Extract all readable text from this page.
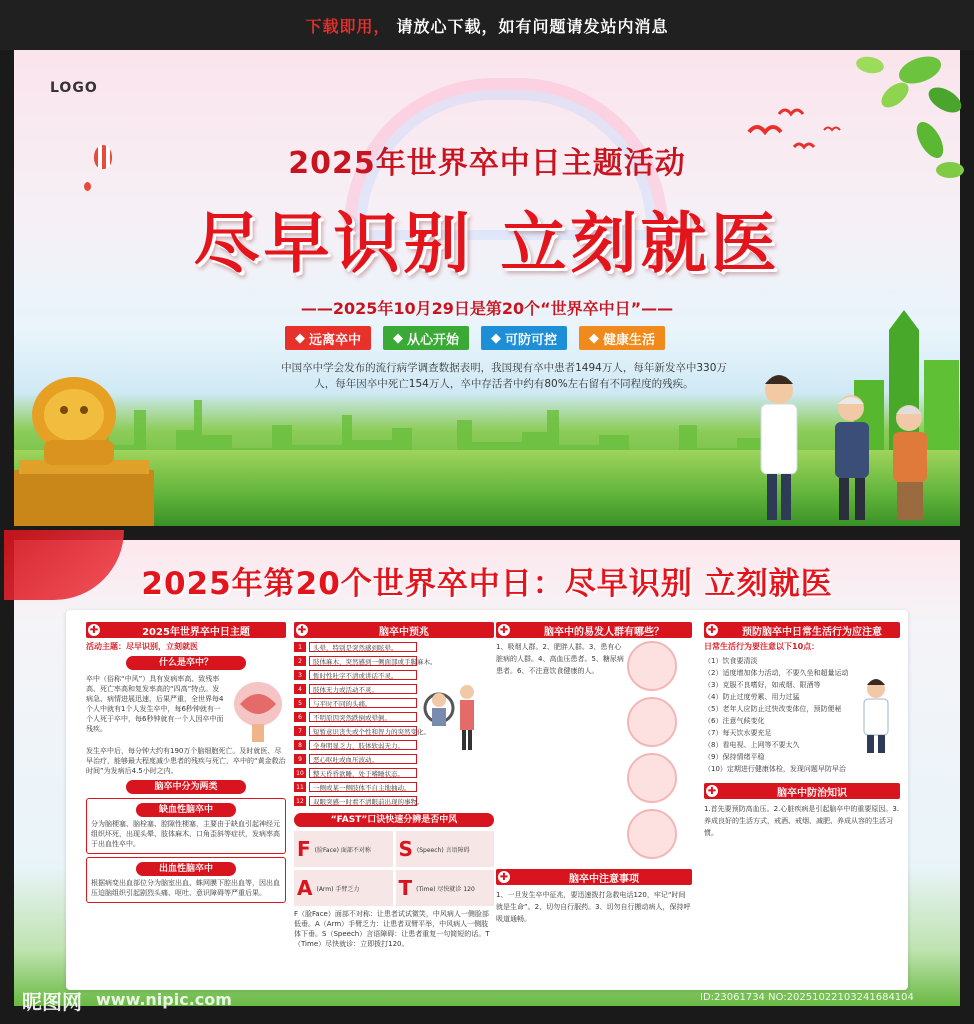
下载即用， 请放心下载，如有问题请发站内消息
LOGO
2025年世界卒中日主题活动
尽早识别 立刻就医
——2025年10月29日是第20个“世界卒中日”——
◆ 远离卒中 ◆ 从心开始 ◆ 可防可控 ◆ 健康生活
中国卒中学会发布的流行病学调查数据表明，我国现有卒中患者1494万人，每年新发卒中330万人，每年因卒中死亡154万人，卒中存活者中约有80%左右留有不同程度的残疾。
2025年第20个世界卒中日：尽早识别 立刻就医
✚	2025年世界卒中日主题
活动主题：尽早识别，立刻就医
什么是卒中？
卒中（俗称“中风”）具有发病率高、致残率高、死亡率高和复发率高的“四高”特点。发病急、病情进展迅速，后果严重，全世界每4个人中就有1个人发生卒中，每6秒钟就有一个人死于卒中，每6秒钟就有一个人因卒中而残疾。
发生卒中后，每分钟大约有190万个脑细胞死亡。及时就医、尽早治疗，能够最大程度减少患者的残疾与死亡，卒中的“黄金救治时间”为发病后4.5小时之内。
脑卒中分为两类
缺血性脑卒中
分为脑梗塞、脑栓塞、腔隙性梗塞，主要由于缺血引起神经元组织坏死，出现头晕、肢体麻木、口角歪斜等症状，发病率高于出血性卒中。
出血性脑卒中
根据病变出血部位分为脑室出血、蛛网膜下腔出血等，因出血压迫脑组织引起剧烈头痛、呕吐、意识障碍等严重后果。
✚	脑卒中预兆
1	头晕，特别是突然感到眩晕。
2	肢体麻木，突然感到一侧面部或手脚麻木。
3	暂时性吐字不清或讲话不灵。
4	肢体无力或活动不灵。
5	与平时不同的头痛。
6	不明原因突然跌倒或晕倒。
7	短暂意识丧失或个性和智力的突然变化。
8	全身明显乏力，肢体软弱无力。
9	恶心呕吐或血压波动。
10	整天昏昏欲睡，处于嗜睡状态。
11	一侧或某一侧肢体不自主地抽动。
12	双眼突感一时看不清眼前出现的事物。
“FAST”口诀快速分辨是否中风
F (脸Face) 面部不对称 S (Speech) 言语障碍
A (Arm) 手臂乏力 T (Time) 尽快就诊 120
F（脸Face）面部不对称：让患者试试微笑，中风病人一侧脸部低垂。A（Arm）手臂乏力：让患者双臂平举，中风病人一侧肢体下垂。S（Speech）言语障碍：让患者重复一句简短的话。T（Time）尽快就诊：立即拨打120。
✚	脑卒中的易发人群有哪些？
1、吸烟人群。2、肥胖人群。3、患有心脏病的人群。4、高血压患者。5、糖尿病患者。6、不注意饮食健康的人。
✚	脑卒中注意事项
1、一旦发生卒中征兆，要迅速拨打急救电话120，牢记“时间就是生命”。2、切勿自行服药。3、切勿自行搬动病人，保持呼吸道通畅。
✚	预防脑卒中日常生活行为应注意
日常生活行为要注意以下10点：
（1）饮食要清淡
（2）适度增加体力活动，不要久坐和超量运动
（3）克服不良嗜好，如戒烟、限酒等
（4）防止过度劳累、用力过猛
（5）老年人应防止过快改变体位，预防便秘
（6）注意气候变化
（7）每天饮水要充足
（8）看电视、上网等不要太久
（9）保持情绪平稳
（10）定期进行健康体检，发现问题早防早治
✚	脑卒中防治知识
1.首先要预防高血压。2.心脏疾病是引起脑卒中的重要原因。3.养成良好的生活方式，戒酒、戒烟、减肥、养成从容的生活习惯。
昵图网 www.nipic.com	ID:23061734 NO:20251022103241684104
